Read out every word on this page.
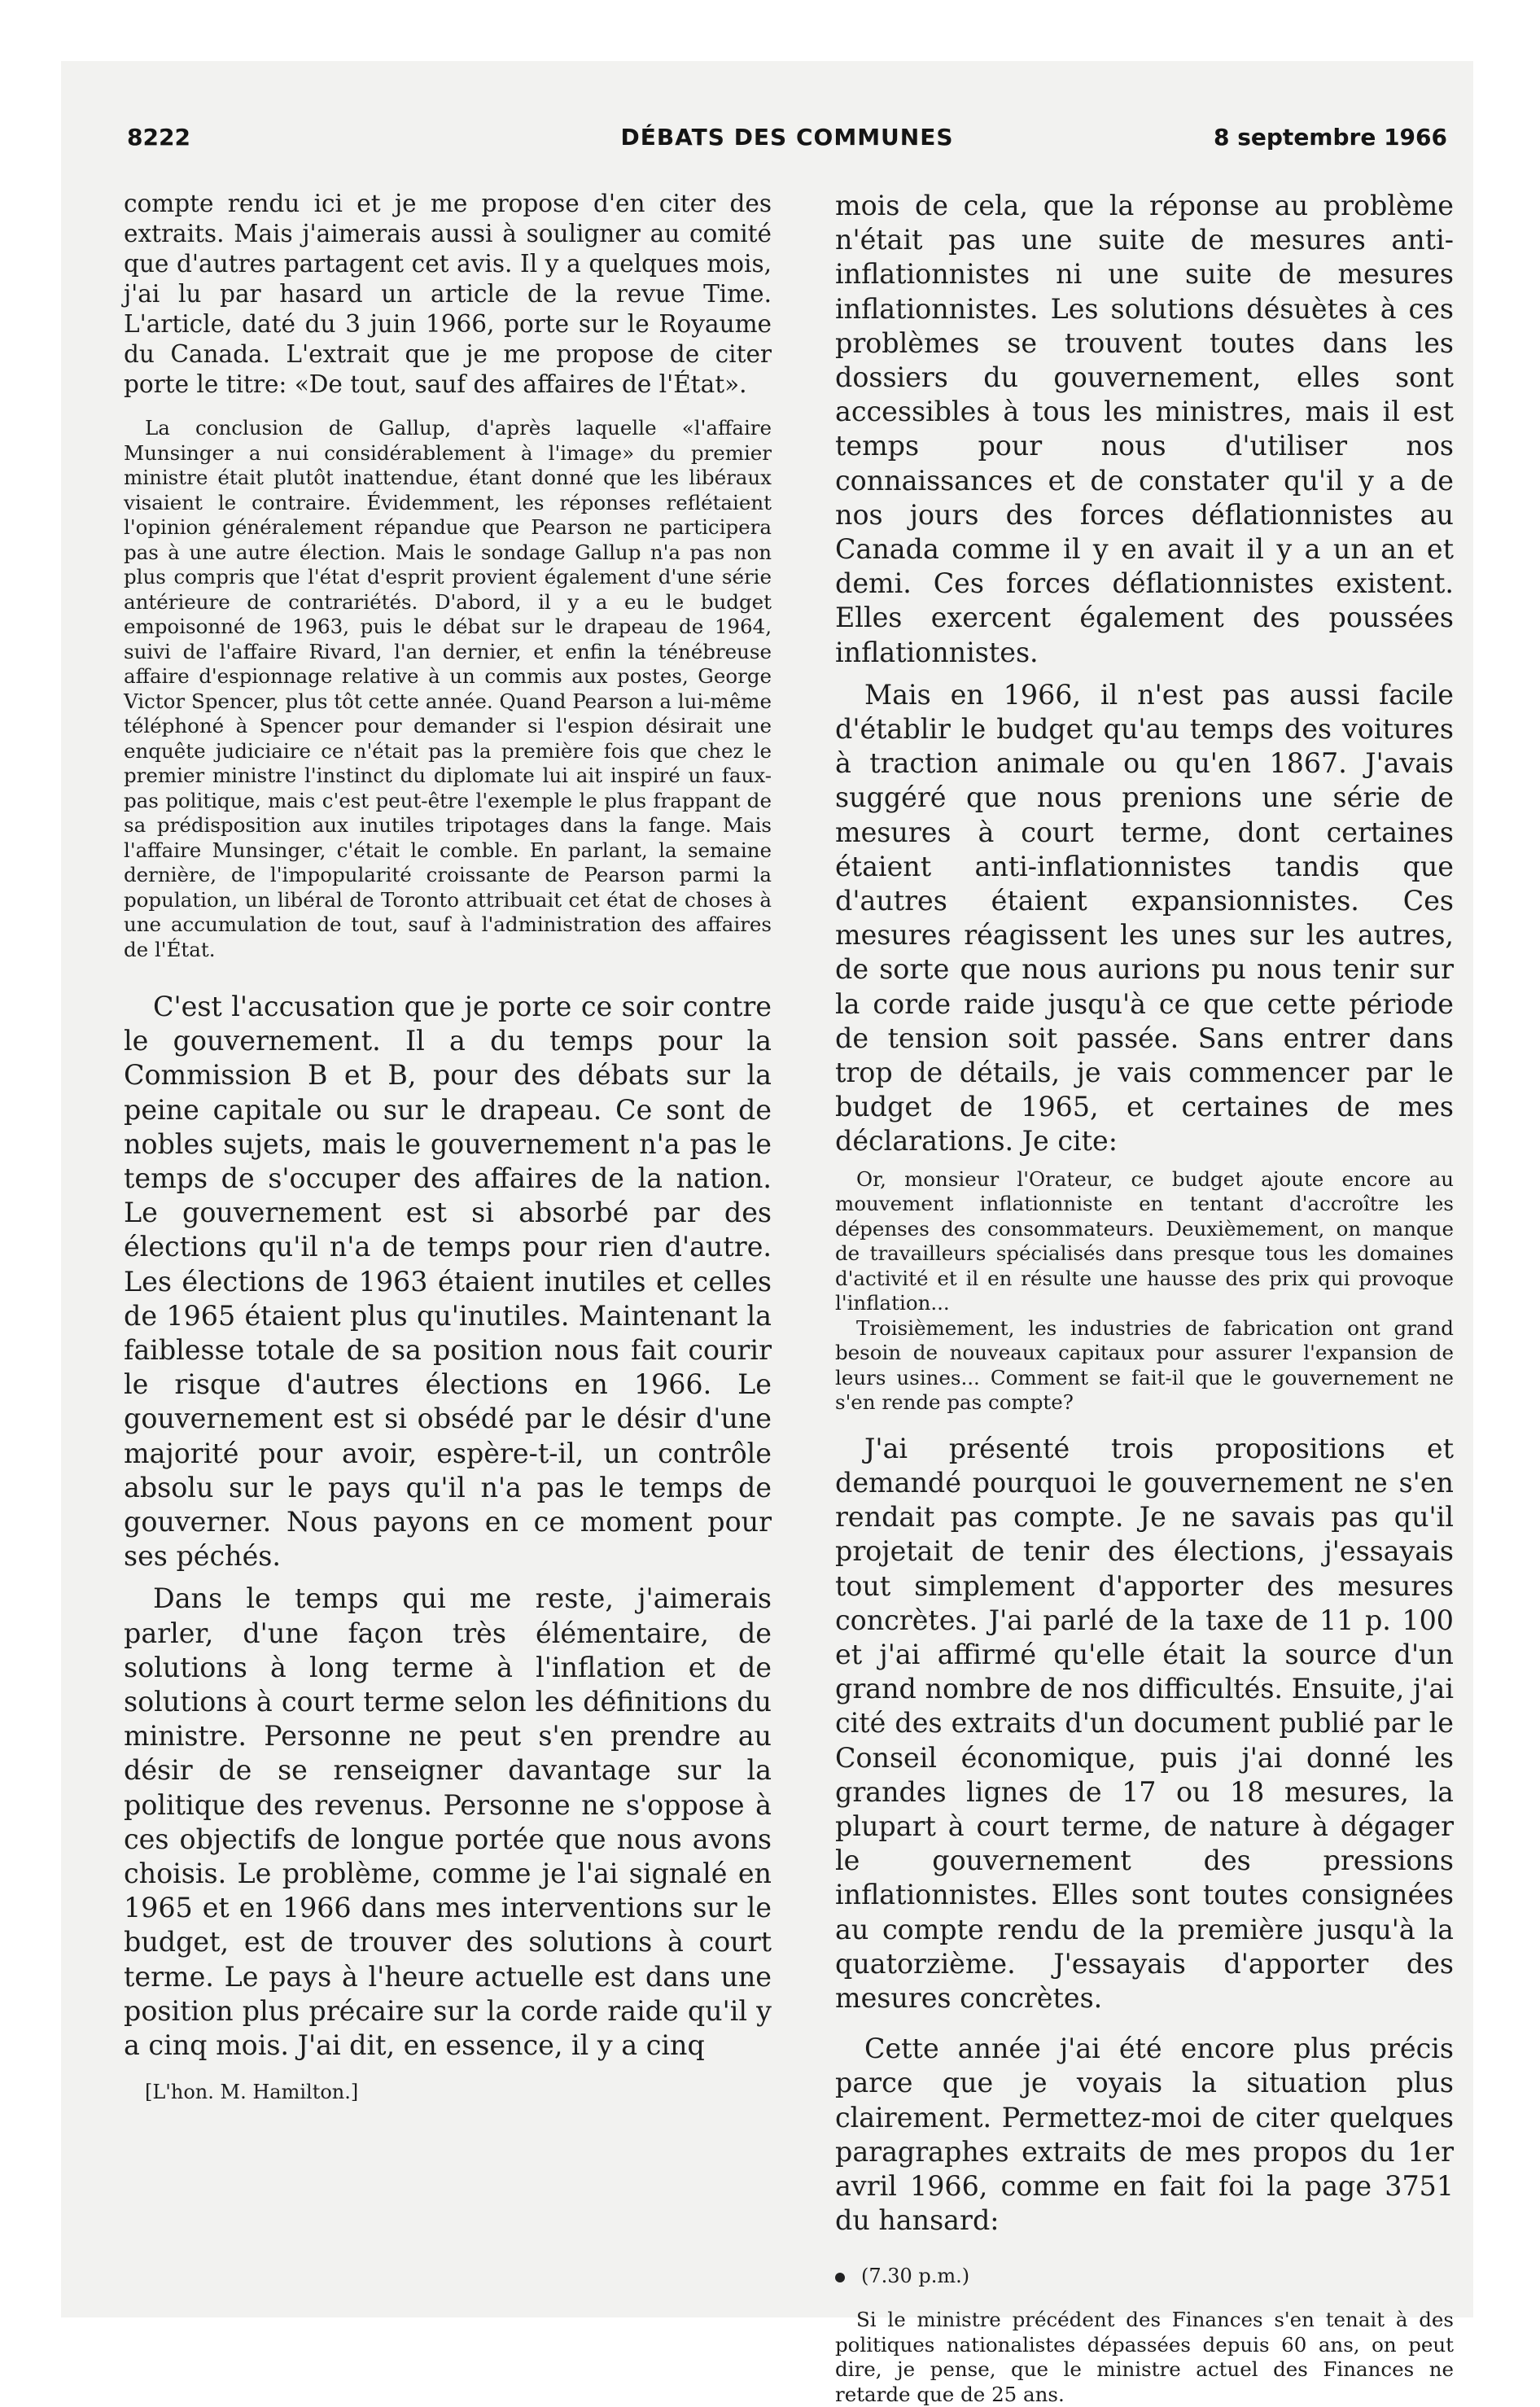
8222	DÉBATS DES COMMUNES	8 septembre 1966

compte rendu ici et je me propose d'en citer des extraits. Mais j'aimerais aussi à souligner au comité que d'autres partagent cet avis. Il y a quelques mois, j'ai lu par hasard un article de la revue Time. L'article, daté du 3 juin 1966, porte sur le Royaume du Canada. L'extrait que je me propose de citer porte le titre: «De tout, sauf des affaires de l'État».

La conclusion de Gallup, d'après laquelle «l'affaire Munsinger a nui considérablement à l'image» du premier ministre était plutôt inattendue, étant donné que les libéraux visaient le contraire. Évidemment, les réponses reflétaient l'opinion généralement répandue que Pearson ne participera pas à une autre élection. Mais le sondage Gallup n'a pas non plus compris que l'état d'esprit provient également d'une série antérieure de contrariétés. D'abord, il y a eu le budget empoisonné de 1963, puis le débat sur le drapeau de 1964, suivi de l'affaire Rivard, l'an dernier, et enfin la ténébreuse affaire d'espionnage relative à un commis aux postes, George Victor Spencer, plus tôt cette année. Quand Pearson a lui-même téléphoné à Spencer pour demander si l'espion désirait une enquête judiciaire ce n'était pas la première fois que chez le premier ministre l'instinct du diplomate lui ait inspiré un faux-pas politique, mais c'est peut-être l'exemple le plus frappant de sa prédisposition aux inutiles tripotages dans la fange. Mais l'affaire Munsinger, c'était le comble. En parlant, la semaine dernière, de l'impopularité croissante de Pearson parmi la population, un libéral de Toronto attribuait cet état de choses à une accumulation de tout, sauf à l'administration des affaires de l'État.

C'est l'accusation que je porte ce soir contre le gouvernement. Il a du temps pour la Commission B et B, pour des débats sur la peine capitale ou sur le drapeau. Ce sont de nobles sujets, mais le gouvernement n'a pas le temps de s'occuper des affaires de la nation. Le gouvernement est si absorbé par des élections qu'il n'a de temps pour rien d'autre. Les élections de 1963 étaient inutiles et celles de 1965 étaient plus qu'inutiles. Maintenant la faiblesse totale de sa position nous fait courir le risque d'autres élections en 1966. Le gouvernement est si obsédé par le désir d'une majorité pour avoir, espère-t-il, un contrôle absolu sur le pays qu'il n'a pas le temps de gouverner. Nous payons en ce moment pour ses péchés.

Dans le temps qui me reste, j'aimerais parler, d'une façon très élémentaire, de solutions à long terme à l'inflation et de solutions à court terme selon les définitions du ministre. Personne ne peut s'en prendre au désir de se renseigner davantage sur la politique des revenus. Personne ne s'oppose à ces objectifs de longue portée que nous avons choisis. Le problème, comme je l'ai signalé en 1965 et en 1966 dans mes interventions sur le budget, est de trouver des solutions à court terme. Le pays à l'heure actuelle est dans une position plus précaire sur la corde raide qu'il y a cinq mois. J'ai dit, en essence, il y a cinq

[L'hon. M. Hamilton.]

mois de cela, que la réponse au problème n'était pas une suite de mesures anti-inflationnistes ni une suite de mesures inflationnistes. Les solutions désuètes à ces problèmes se trouvent toutes dans les dossiers du gouvernement, elles sont accessibles à tous les ministres, mais il est temps pour nous d'utiliser nos connaissances et de constater qu'il y a de nos jours des forces déflationnistes au Canada comme il y en avait il y a un an et demi. Ces forces déflationnistes existent. Elles exercent également des poussées inflationnistes.

Mais en 1966, il n'est pas aussi facile d'établir le budget qu'au temps des voitures à traction animale ou qu'en 1867. J'avais suggéré que nous prenions une série de mesures à court terme, dont certaines étaient anti-inflationnistes tandis que d'autres étaient expansionnistes. Ces mesures réagissent les unes sur les autres, de sorte que nous aurions pu nous tenir sur la corde raide jusqu'à ce que cette période de tension soit passée. Sans entrer dans trop de détails, je vais commencer par le budget de 1965, et certaines de mes déclarations. Je cite:

Or, monsieur l'Orateur, ce budget ajoute encore au mouvement inflationniste en tentant d'accroître les dépenses des consommateurs. Deuxièmement, on manque de travailleurs spécialisés dans presque tous les domaines d'activité et il en résulte une hausse des prix qui provoque l'inflation...

Troisièmement, les industries de fabrication ont grand besoin de nouveaux capitaux pour assurer l'expansion de leurs usines... Comment se fait-il que le gouvernement ne s'en rende pas compte?

J'ai présenté trois propositions et demandé pourquoi le gouvernement ne s'en rendait pas compte. Je ne savais pas qu'il projetait de tenir des élections, j'essayais tout simplement d'apporter des mesures concrètes. J'ai parlé de la taxe de 11 p. 100 et j'ai affirmé qu'elle était la source d'un grand nombre de nos difficultés. Ensuite, j'ai cité des extraits d'un document publié par le Conseil économique, puis j'ai donné les grandes lignes de 17 ou 18 mesures, la plupart à court terme, de nature à dégager le gouvernement des pressions inflationnistes. Elles sont toutes consignées au compte rendu de la première jusqu'à la quatorzième. J'essayais d'apporter des mesures concrètes.

Cette année j'ai été encore plus précis parce que je voyais la situation plus clairement. Permettez-moi de citer quelques paragraphes extraits de mes propos du 1er avril 1966, comme en fait foi la page 3751 du hansard:

(7.30 p.m.)

Si le ministre précédent des Finances s'en tenait à des politiques nationalistes dépassées depuis 60 ans, on peut dire, je pense, que le ministre actuel des Finances ne retarde que de 25 ans.
